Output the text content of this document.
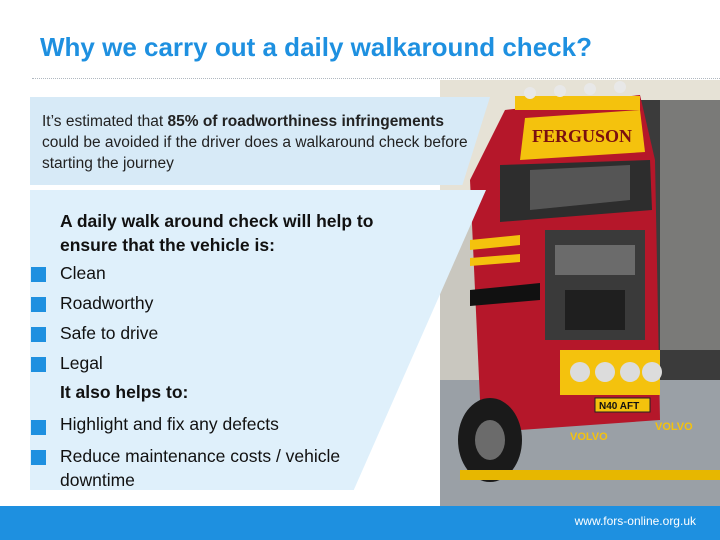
FERGUSON
N40 AFT
VOLVO
VOLVO
Why we carry out a daily walkaround check?
It’s estimated that 85% of roadworthiness infringements could be avoided if the driver does a walkaround check before starting the journey
A daily walk around check will help to ensure that the vehicle is:
Clean
Roadworthy
Safe to drive
Legal
It also helps to:
Highlight and fix any defects
Reduce maintenance costs / vehicle downtime
www.fors-online.org.uk
